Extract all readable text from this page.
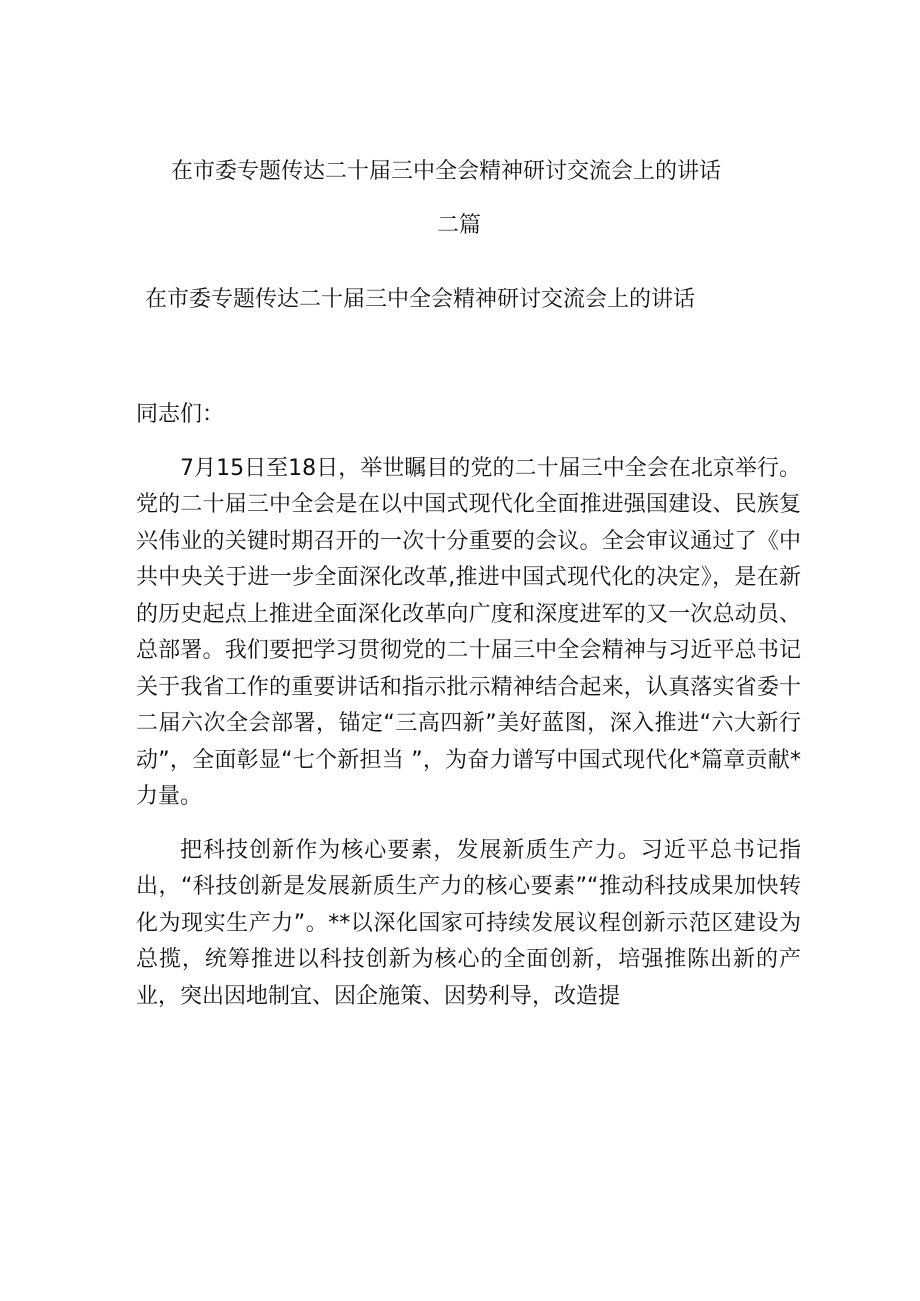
在市委专题传达二十届三中全会精神研讨交流会上的讲话
二篇
在市委专题传达二十届三中全会精神研讨交流会上的讲话

同志们：

7月15日至18日，举世瞩目的党的二十届三中全会在北京举行。党的二十届三中全会是在以中国式现代化全面推进强国建设、民族复兴伟业的关键时期召开的一次十分重要的会议。全会审议通过了《中共中央关于进一步全面深化改革,推进中国式现代化的决定》，是在新的历史起点上推进全面深化改革向广度和深度进军的又一次总动员、总部署。我们要把学习贯彻党的二十届三中全会精神与习近平总书记关于我省工作的重要讲话和指示批示精神结合起来，认真落实省委十二届六次全会部署，锚定“三高四新”美好蓝图，深入推进“六大新行动”，全面彰显“七个新担当 ”，为奋力谱写中国式现代化*篇章贡献*力量。

把科技创新作为核心要素，发展新质生产力。习近平总书记指出，“科技创新是发展新质生产力的核心要素”“推动科技成果加快转化为现实生产力”。**以深化国家可持续发展议程创新示范区建设为总揽，统筹推进以科技创新为核心的全面创新，培强推陈出新的产业，突出因地制宜、因企施策、因势利导，改造提
